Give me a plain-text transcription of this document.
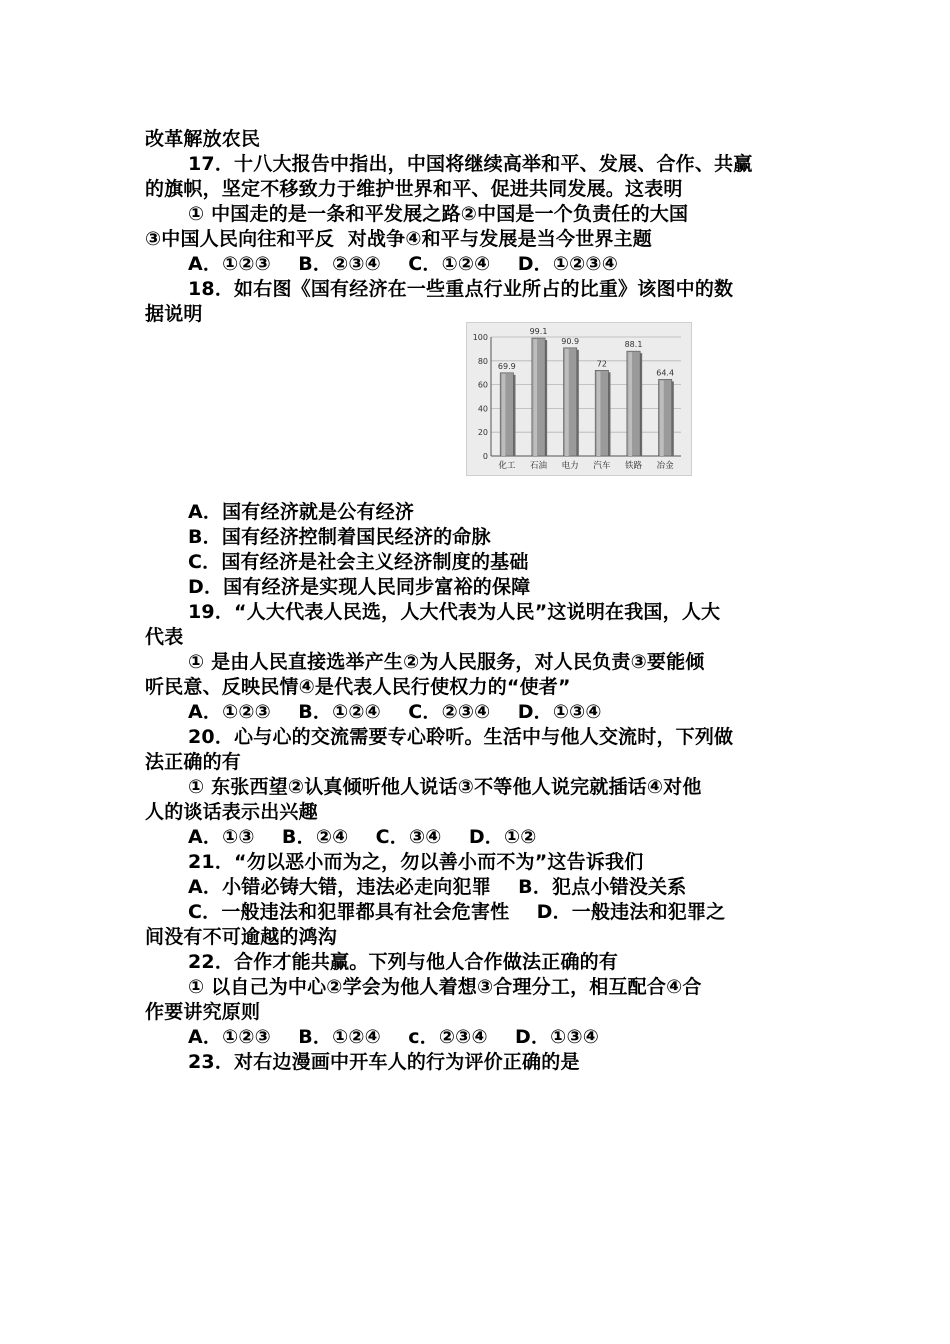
改革解放农民
17．十八大报告中指出，中国将继续高举和平、发展、合作、共赢
的旗帜，坚定不移致力于维护世界和平、促进共同发展。这表明
① 中国走的是一条和平发展之路②中国是一个负责任的大国
③中国人民向往和平反  对战争④和平与发展是当今世界主题
A．①②③    B．②③④    C．①②④    D．①②③④
18．如右图《国有经济在一些重点行业所占的比重》该图中的数
据说明
0
20
40
60
80
100
69.9
化工
99.1
石油
90.9
电力
72
汽车
88.1
铁路
64.4
冶金
A．国有经济就是公有经济
B．国有经济控制着国民经济的命脉
C．国有经济是社会主义经济制度的基础
D．国有经济是实现人民同步富裕的保障
19．“人大代表人民选，人大代表为人民”这说明在我国，人大
代表
① 是由人民直接选举产生②为人民服务，对人民负责③要能倾
听民意、反映民情④是代表人民行使权力的“使者”
A．①②③    B．①②④    C．②③④    D．①③④
20．心与心的交流需要专心聆听。生活中与他人交流时，下列做
法正确的有
① 东张西望②认真倾听他人说话③不等他人说完就插话④对他
人的谈话表示出兴趣
A．①③    B．②④    C．③④    D．①②
21．“勿以恶小而为之，勿以善小而不为”这告诉我们
A．小错必铸大错，违法必走向犯罪    B．犯点小错没关系
C．一般违法和犯罪都具有社会危害性    D．一般违法和犯罪之
间没有不可逾越的鸿沟
22．合作才能共赢。下列与他人合作做法正确的有
① 以自己为中心②学会为他人着想③合理分工，相互配合④合
作要讲究原则
A．①②③    B．①②④    c．②③④    D．①③④
23．对右边漫画中开车人的行为评价正确的是
